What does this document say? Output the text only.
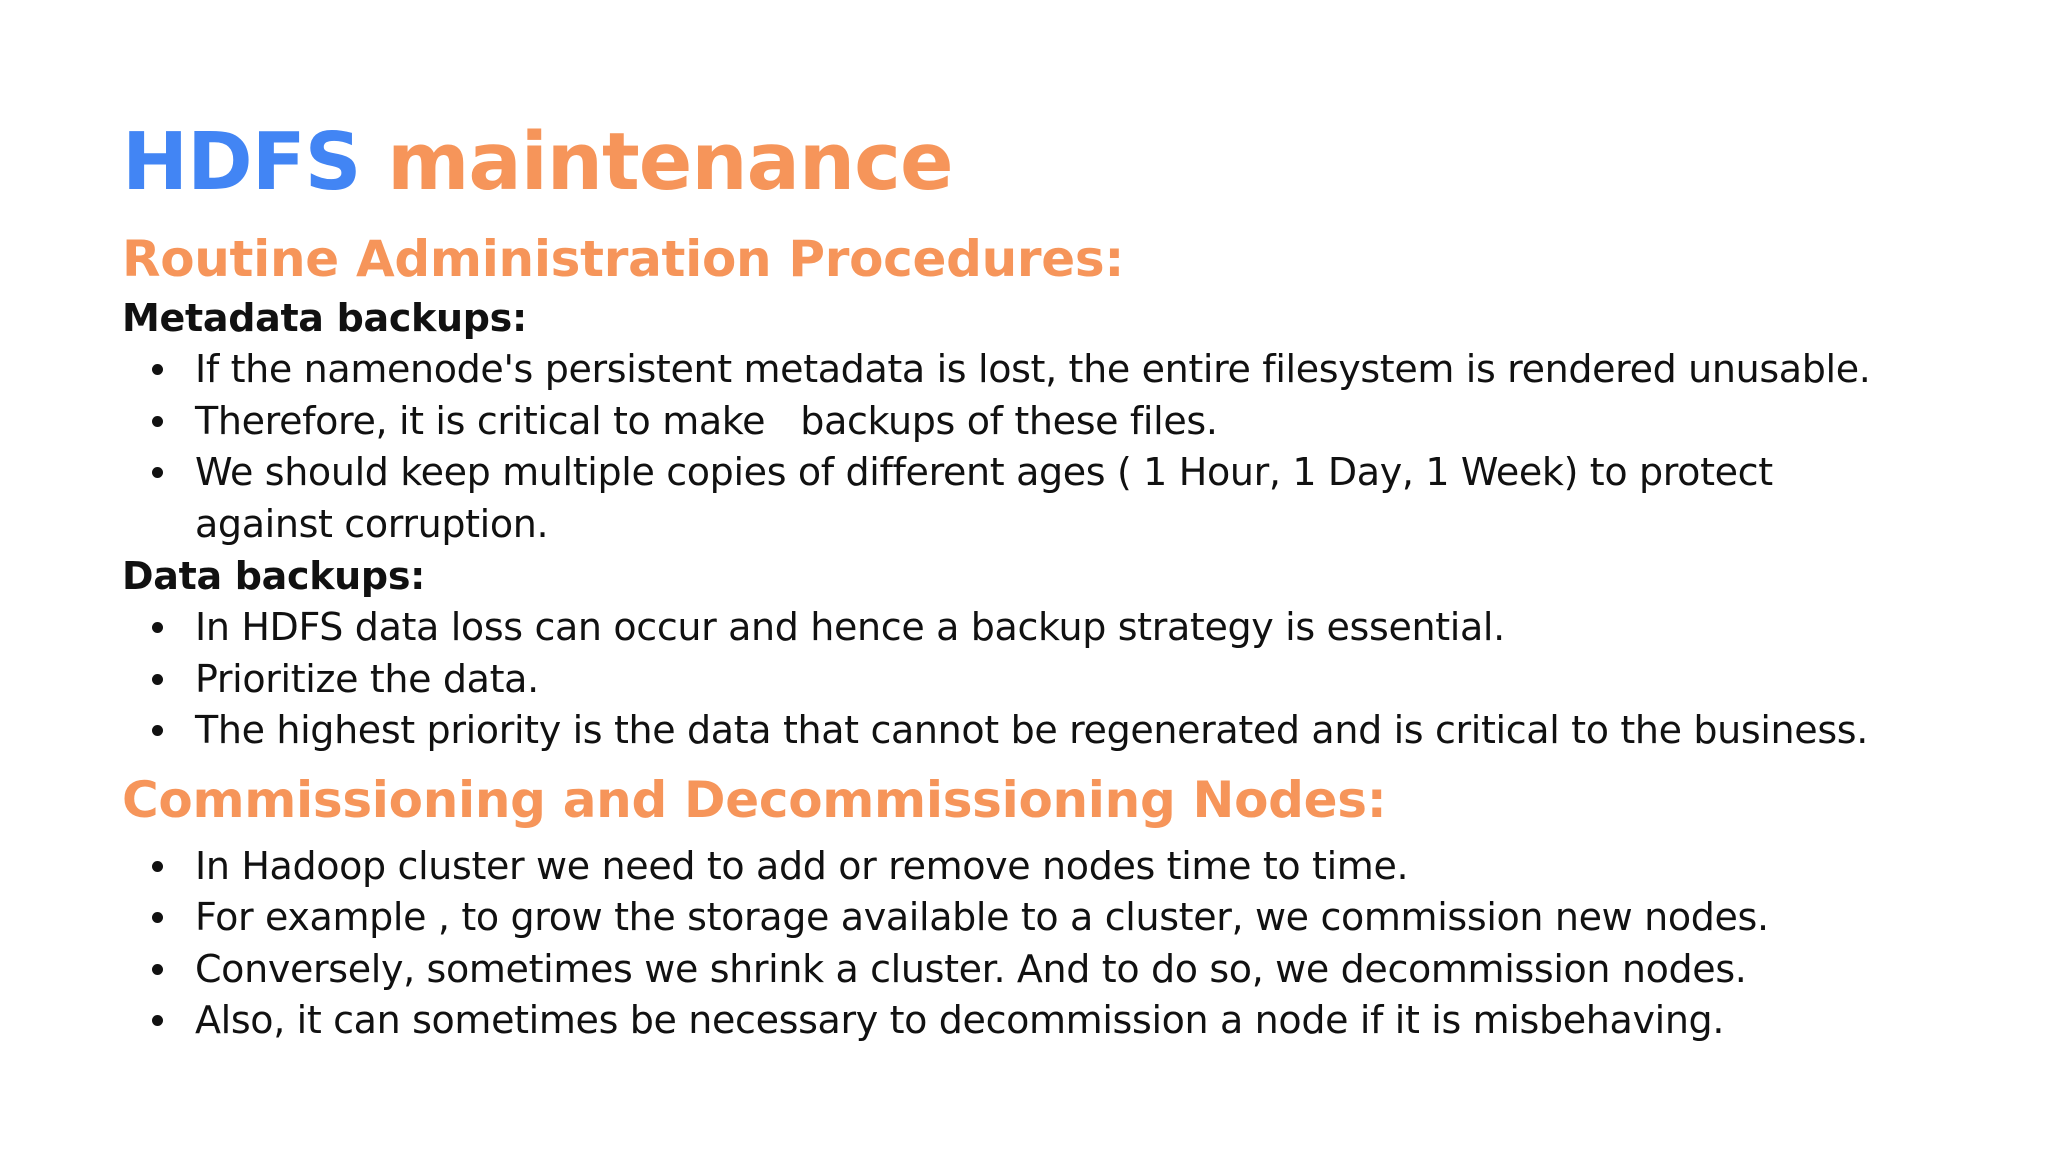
HDFS maintenance
Routine Administration Procedures:
Metadata backups:
If the namenode's persistent metadata is lost, the entire filesystem is rendered unusable.
Therefore, it is critical to make   backups of these files.
We should keep multiple copies of different ages ( 1 Hour, 1 Day, 1 Week) to protect against corruption.
Data backups:
In HDFS data loss can occur and hence a backup strategy is essential.
Prioritize the data.
The highest priority is the data that cannot be regenerated and is critical to the business.
Commissioning and Decommissioning Nodes:
In Hadoop cluster we need to add or remove nodes time to time.
For example , to grow the storage available to a cluster, we commission new nodes.
Conversely, sometimes we shrink a cluster. And to do so, we decommission nodes.
Also, it can sometimes be necessary to decommission a node if it is misbehaving.
